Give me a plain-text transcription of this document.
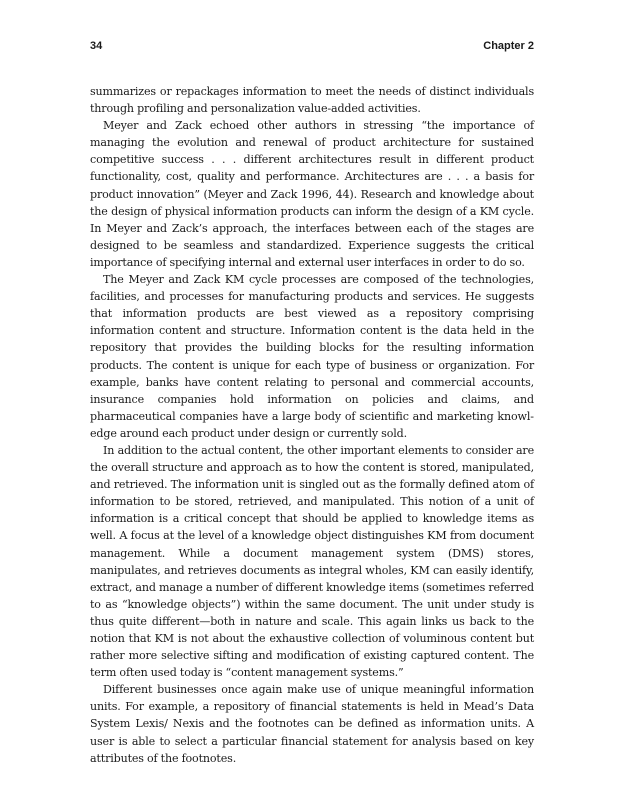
34	Chapter 2

summarizes or repackages information to meet the needs of distinct individuals through profiling and personalization value-added activities.

Meyer and Zack echoed other authors in stressing “the importance of managing the evolution and renewal of product architecture for sustained competitive success . . . different architectures result in different product functionality, cost, quality and performance. Architectures are . . . a basis for product innovation” (Meyer and Zack 1996, 44). Research and knowledge about the design of physical information products can inform the design of a KM cycle. In Meyer and Zack’s approach, the interfaces between each of the stages are designed to be seamless and standardized. Experience suggests the critical importance of specifying internal and external user interfaces in order to do so.

The Meyer and Zack KM cycle processes are composed of the technologies, facilities, and processes for manufacturing products and services. He suggests that information products are best viewed as a repository comprising information content and structure. Information content is the data held in the repository that provides the building blocks for the resulting information products. The content is unique for each type of business or organization. For example, banks have content relating to personal and commercial accounts, insurance companies hold information on policies and claims, and pharmaceutical companies have a large body of scientific and marketing knowledge around each product under design or currently sold.

In addition to the actual content, the other important elements to consider are the overall structure and approach as to how the content is stored, manipulated, and retrieved. The information unit is singled out as the formally defined atom of information to be stored, retrieved, and manipulated. This notion of a unit of information is a critical concept that should be applied to knowledge items as well. A focus at the level of a knowledge object distinguishes KM from document management. While a document management system (DMS) stores, manipulates, and retrieves documents as integral wholes, KM can easily identify, extract, and manage a number of different knowledge items (sometimes referred to as “knowledge objects”) within the same document. The unit under study is thus quite different—both in nature and scale. This again links us back to the notion that KM is not about the exhaustive collection of voluminous content but rather more selective sifting and modification of existing captured content. The term often used today is “content management systems.”

Different businesses once again make use of unique meaningful information units. For example, a repository of financial statements is held in Mead’s Data System Lexis/ Nexis and the footnotes can be defined as information units. A user is able to select a particular financial statement for analysis based on key attributes of the footnotes.
